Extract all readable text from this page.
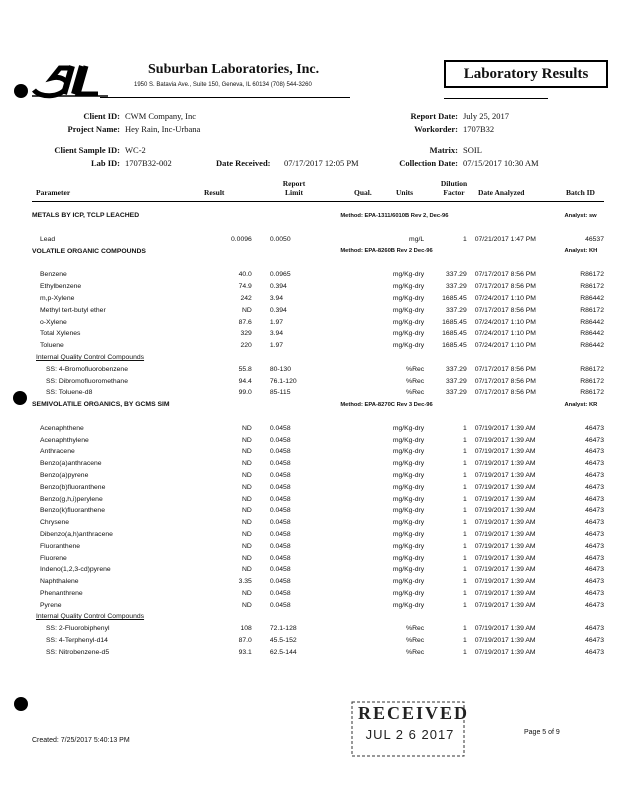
Suburban Laboratories, Inc.
1950 S. Batavia Ave., Suite 150, Geneva, IL 60134 (708) 544-3260
Laboratory Results
Client ID: CWM Company, Inc
Project Name: Hey Rain, Inc-Urbana
Report Date: July 25, 2017
Workorder: 1707B32
Client Sample ID: WC-2
Lab ID: 1707B32-002	Date Received: 07/17/2017 12:05 PM
Matrix: SOIL
Collection Date: 07/15/2017 10:30 AM
Parameter	Result
Report
Limit	Qual.	Units
Dilution
Factor	Date Analyzed	Batch ID
METALS BY ICP, TCLP LEACHED			Method: EPA-1311/6010B Rev 2, Dec-96				Analyst: sw

Lead	0.0096	0.0050		mg/L	1	07/21/2017 1:47 PM	46537
VOLATILE ORGANIC COMPOUNDS			Method: EPA-8260B Rev 2 Dec-96				Analyst: KH

Benzene	40.0	0.0965		mg/Kg-dry	337.29	07/17/2017 8:56 PM	R86172
Ethylbenzene	74.9	0.394		mg/Kg-dry	337.29	07/17/2017 8:56 PM	R86172
m,p-Xylene	242	3.94		mg/Kg-dry	1685.45	07/24/2017 1:10 PM	R86442
Methyl tert-butyl ether	ND	0.394		mg/Kg-dry	337.29	07/17/2017 8:56 PM	R86172
o-Xylene	87.6	1.97		mg/Kg-dry	1685.45	07/24/2017 1:10 PM	R86442
Total Xylenes	329	3.94		mg/Kg-dry	1685.45	07/24/2017 1:10 PM	R86442
Toluene	220	1.97		mg/Kg-dry	1685.45	07/24/2017 1:10 PM	R86442
Internal Quality Control Compounds							
SS: 4-Bromofluorobenzene	55.8	80-130		%Rec	337.29	07/17/2017 8:56 PM	R86172
SS: Dibromofluoromethane	94.4	76.1-120		%Rec	337.29	07/17/2017 8:56 PM	R86172
SS: Toluene-d8	99.0	85-115		%Rec	337.29	07/17/2017 8:56 PM	R86172
SEMIVOLATILE ORGANICS, BY GCMS SIM			Method: EPA-8270C Rev 3 Dec-96				Analyst: KR

Acenaphthene	ND	0.0458		mg/Kg-dry	1	07/19/2017 1:39 AM	46473
Acenaphthylene	ND	0.0458		mg/Kg-dry	1	07/19/2017 1:39 AM	46473
Anthracene	ND	0.0458		mg/Kg-dry	1	07/19/2017 1:39 AM	46473
Benzo(a)anthracene	ND	0.0458		mg/Kg-dry	1	07/19/2017 1:39 AM	46473
Benzo(a)pyrene	ND	0.0458		mg/Kg-dry	1	07/19/2017 1:39 AM	46473
Benzo(b)fluoranthene	ND	0.0458		mg/Kg-dry	1	07/19/2017 1:39 AM	46473
Benzo(g,h,i)perylene	ND	0.0458		mg/Kg-dry	1	07/19/2017 1:39 AM	46473
Benzo(k)fluoranthene	ND	0.0458		mg/Kg-dry	1	07/19/2017 1:39 AM	46473
Chrysene	ND	0.0458		mg/Kg-dry	1	07/19/2017 1:39 AM	46473
Dibenzo(a,h)anthracene	ND	0.0458		mg/Kg-dry	1	07/19/2017 1:39 AM	46473
Fluoranthene	ND	0.0458		mg/Kg-dry	1	07/19/2017 1:39 AM	46473
Fluorene	ND	0.0458		mg/Kg-dry	1	07/19/2017 1:39 AM	46473
Indeno(1,2,3-cd)pyrene	ND	0.0458		mg/Kg-dry	1	07/19/2017 1:39 AM	46473
Naphthalene	3.35	0.0458		mg/Kg-dry	1	07/19/2017 1:39 AM	46473
Phenanthrene	ND	0.0458		mg/Kg-dry	1	07/19/2017 1:39 AM	46473
Pyrene	ND	0.0458		mg/Kg-dry	1	07/19/2017 1:39 AM	46473
Internal Quality Control Compounds							
SS: 2-Fluorobiphenyl	108	72.1-128		%Rec	1	07/19/2017 1:39 AM	46473
SS: 4-Terphenyl-d14	87.0	45.5-152		%Rec	1	07/19/2017 1:39 AM	46473
SS: Nitrobenzene-d5	93.1	62.5-144		%Rec	1	07/19/2017 1:39 AM	46473
RECEIVED
JUL 2 6 2017
Created: 7/25/2017 5:40:13 PM
Page 5 of 9
